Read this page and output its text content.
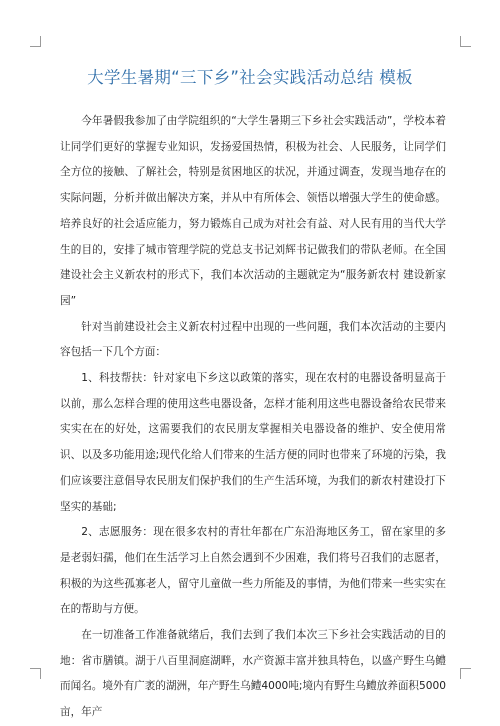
大学生暑期“三下乡”社会实践活动总结 模板

今年暑假我参加了由学院组织的“大学生暑期三下乡社会实践活动”，学校本着让同学们更好的掌握专业知识，发扬爱国热情，积极为社会、人民服务，让同学们全方位的接触、了解社会，特别是贫困地区的状况，并通过调查，发现当地存在的实际问题，分析并做出解决方案，并从中有所体会、领悟以增强大学生的使命感。培养良好的社会适应能力，努力锻炼自己成为对社会有益、对人民有用的当代大学生的目的，安排了城市管理学院的党总支书记刘辉书记做我们的带队老师。在全国建设社会主义新农村的形式下，我们本次活动的主题就定为“服务新农村 建设新家园”

针对当前建设社会主义新农村过程中出现的一些问题，我们本次活动的主要内容包括一下几个方面：

1、科技帮扶：针对家电下乡这以政策的落实，现在农村的电器设备明显高于以前，那么怎样合理的使用这些电器设备，怎样才能利用这些电器设备给农民带来实实在在的好处，这需要我们的农民朋友掌握相关电器设备的维护、安全使用常识、以及多功能用途;现代化给人们带来的生活方便的同时也带来了环境的污染，我们应该要注意倡导农民朋友们保护我们的生产生活环境，为我们的新农村建设打下坚实的基础;

2、志愿服务：现在很多农村的青壮年都在广东沿海地区务工，留在家里的多是老弱妇孺，他们在生活学习上自然会遇到不少困难，我们将号召我们的志愿者，积极的为这些孤寡老人，留守儿童做一些力所能及的事情，为他们带来一些实实在在的帮助与方便。

在一切准备工作准备就绪后，我们去到了我们本次三下乡社会实践活动的目的地：省市膳镇。湖于八百里洞庭湖畔，水产资源丰富并独具特色，以盛产野生乌鳢而闻名。境外有广袤的湖洲，年产野生乌鳢4000吨;境内有野生乌鳢放养面积5000亩，年产
